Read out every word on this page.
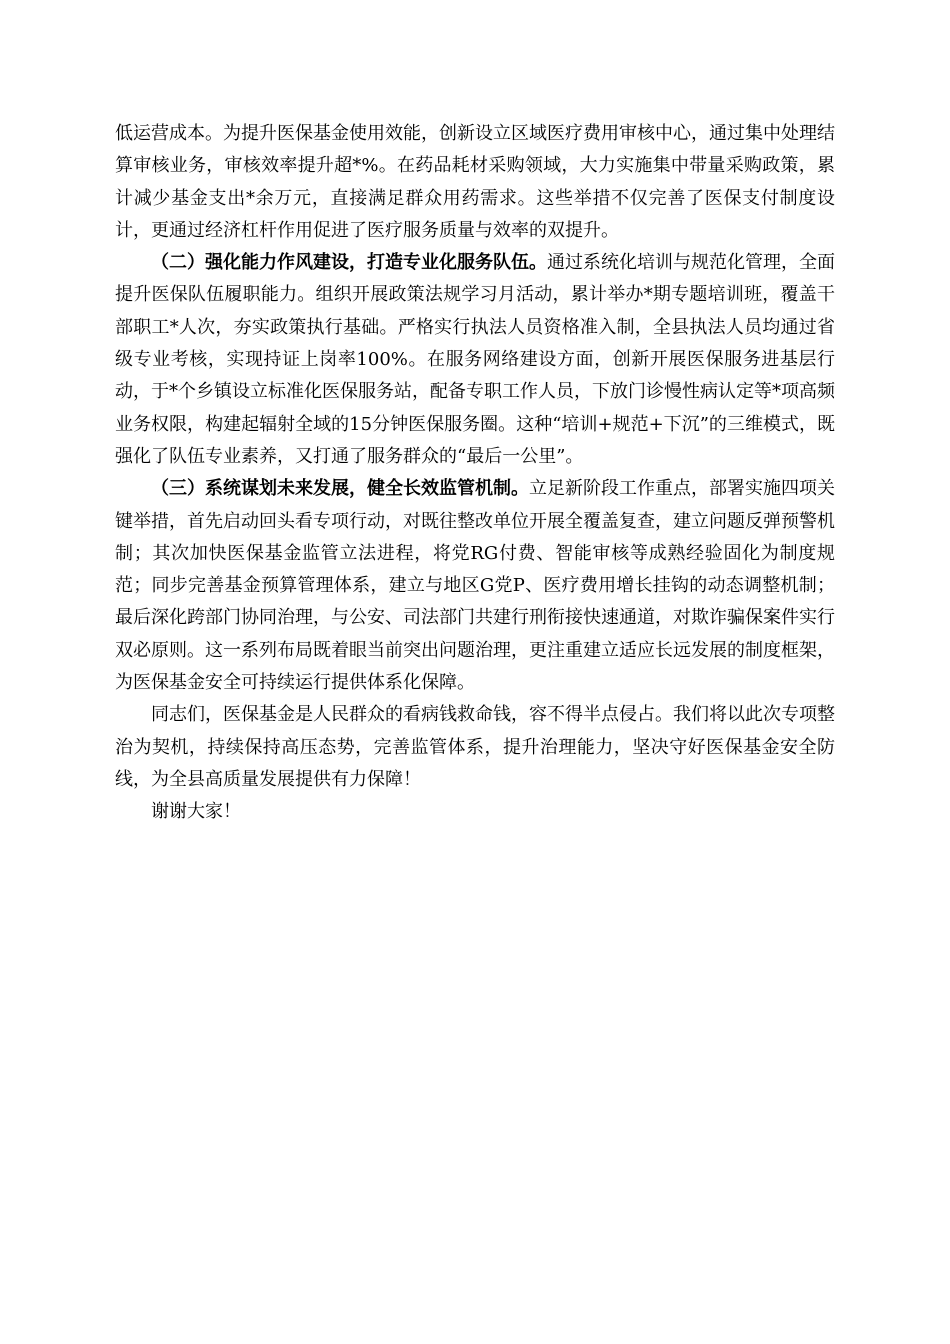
低运营成本。为提升医保基金使用效能，创新设立区域医疗费用审核中心，通过集中处理结算审核业务，审核效率提升超*%。在药品耗材采购领域，大力实施集中带量采购政策，累计减少基金支出*余万元，直接满足群众用药需求。这些举措不仅完善了医保支付制度设计，更通过经济杠杆作用促进了医疗服务质量与效率的双提升。

（二）强化能力作风建设，打造专业化服务队伍。通过系统化培训与规范化管理，全面提升医保队伍履职能力。组织开展政策法规学习月活动，累计举办*期专题培训班，覆盖干部职工*人次，夯实政策执行基础。严格实行执法人员资格准入制，全县执法人员均通过省级专业考核，实现持证上岗率100%。在服务网络建设方面，创新开展医保服务进基层行动，于*个乡镇设立标准化医保服务站，配备专职工作人员，下放门诊慢性病认定等*项高频业务权限，构建起辐射全域的15分钟医保服务圈。这种“培训+规范+下沉”的三维模式，既强化了队伍专业素养，又打通了服务群众的“最后一公里”。

（三）系统谋划未来发展，健全长效监管机制。立足新阶段工作重点，部署实施四项关键举措，首先启动回头看专项行动，对既往整改单位开展全覆盖复查，建立问题反弹预警机制；其次加快医保基金监管立法进程，将党RG付费、智能审核等成熟经验固化为制度规范；同步完善基金预算管理体系，建立与地区G党P、医疗费用增长挂钩的动态调整机制；最后深化跨部门协同治理，与公安、司法部门共建行刑衔接快速通道，对欺诈骗保案件实行双必原则。这一系列布局既着眼当前突出问题治理，更注重建立适应长远发展的制度框架，为医保基金安全可持续运行提供体系化保障。

同志们，医保基金是人民群众的看病钱救命钱，容不得半点侵占。我们将以此次专项整治为契机，持续保持高压态势，完善监管体系，提升治理能力，坚决守好医保基金安全防线，为全县高质量发展提供有力保障！

谢谢大家！
